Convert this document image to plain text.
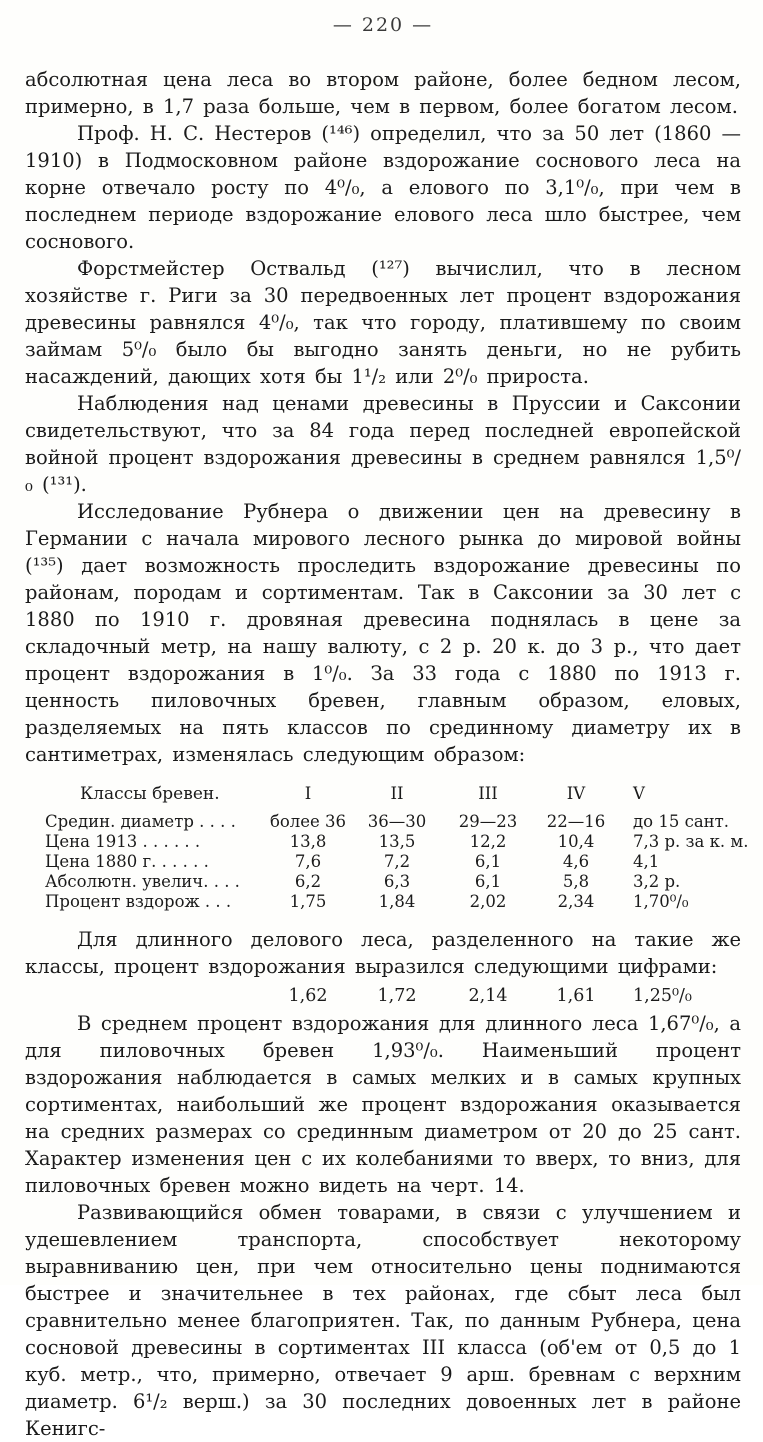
— 220 —

абсолютная цена леса во втором районе, более бедном лесом, примерно, в 1,7 раза больше, чем в первом, более богатом лесом.

Проф. Н. С. Нестеров (¹⁴⁶) определил, что за 50 лет (1860 — 1910) в Подмосковном районе вздорожание соснового леса на корне отвечало росту по 4⁰/₀, а елового по 3,1⁰/₀, при чем в последнем периоде вздорожание елового леса шло быстрее, чем соснового.

Форстмейстер Оствальд (¹²⁷) вычислил, что в лесном хозяйстве г. Риги за 30 передвоенных лет процент вздорожания древесины равнялся 4⁰/₀, так что городу, платившему по своим займам 5⁰/₀ было бы выгодно занять деньги, но не рубить насаждений, дающих хотя бы 1¹/₂ или 2⁰/₀ прироста.

Наблюдения над ценами древесины в Пруссии и Саксонии свидетельствуют, что за 84 года перед последней европейской войной процент вздорожания древесины в среднем равнялся 1,5⁰/₀ (¹³¹).

Исследование Рубнера о движении цен на древесину в Германии с начала мирового лесного рынка до мировой войны (¹³⁵) дает возможность проследить вздорожание древесины по районам, породам и сортиментам. Так в Саксонии за 30 лет с 1880 по 1910 г. дровяная древесина поднялась в цене за складочный метр, на нашу валюту, с 2 р. 20 к. до 3 р., что дает процент вздорожания в 1⁰/₀. За 33 года с 1880 по 1913 г. ценность пиловочных бревен, главным образом, еловых, разделяемых на пять классов по срединному диаметру их в сантиметрах, изменялась следующим образом:

Классы бревен.	I	II	III	IV	V
Средин. диаметр . . . .	более 36	36—30	29—23	22—16	до 15 сант.
Цена 1913 . . . . . .	13,8	13,5	12,2	10,4	7,3 р. за к. м.
Цена 1880 г. . . . . .	7,6	7,2	6,1	4,6	4,1
Абсолютн. увелич. . . .	6,2	6,3	6,1	5,8	3,2 р.
Процент вздорож . . .	1,75	1,84	2,02	2,34	1,70⁰/₀

Для длинного делового леса, разделенного на такие же классы, процент вздорожания выразился следующими цифрами:

1,62	1,72	2,14	1,61	1,25⁰/₀

В среднем процент вздорожания для длинного леса 1,67⁰/₀, а для пиловочных бревен 1,93⁰/₀. Наименьший процент вздорожания наблюдается в самых мелких и в самых крупных сортиментах, наибольший же процент вздорожания оказывается на средних размерах со срединным диаметром от 20 до 25 сант. Характер изменения цен с их колебаниями то вверх, то вниз, для пиловочных бревен можно видеть на черт. 14.

Развивающийся обмен товарами, в связи с улучшением и удешевлением транспорта, способствует некоторому выравниванию цен, при чем относительно цены поднимаются быстрее и значительнее в тех районах, где сбыт леса был сравнительно менее благоприятен. Так, по данным Рубнера, цена сосновой древесины в сортиментах III класса (об'ем от 0,5 до 1 куб. метр., что, примерно, отвечает 9 арш. бревнам с верхним диаметр. 6¹/₂ верш.) за 30 последних довоенных лет в районе Кенигс-
